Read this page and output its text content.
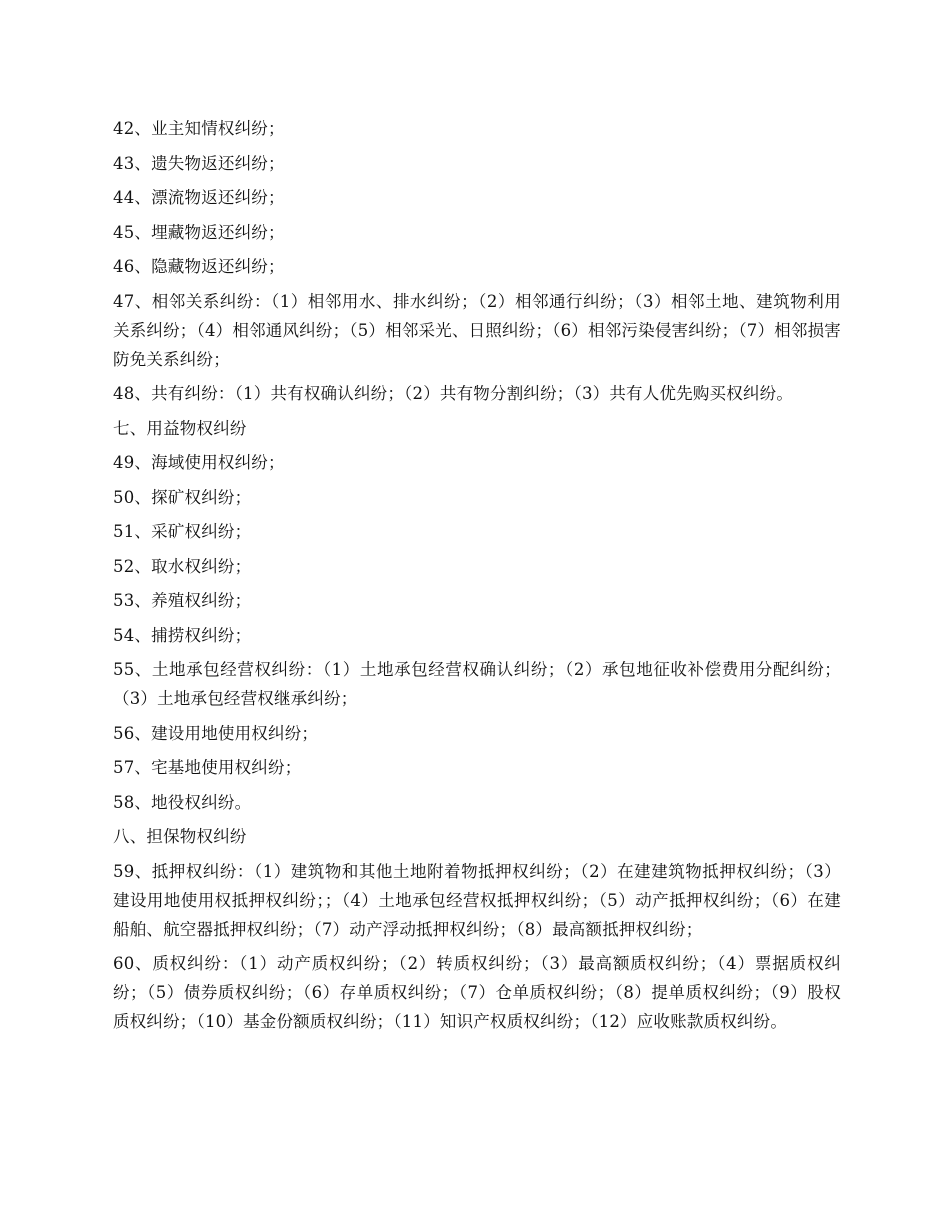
42、业主知情权纠纷；

43、遗失物返还纠纷；

44、漂流物返还纠纷；

45、埋藏物返还纠纷；

46、隐藏物返还纠纷；

47、相邻关系纠纷：（1）相邻用水、排水纠纷；（2）相邻通行纠纷；（3）相邻土地、建筑物利用关系纠纷；（4）相邻通风纠纷；（5）相邻采光、日照纠纷；（6）相邻污染侵害纠纷；（7）相邻损害防免关系纠纷；

48、共有纠纷：（1）共有权确认纠纷；（2）共有物分割纠纷；（3）共有人优先购买权纠纷。

七、用益物权纠纷

49、海域使用权纠纷；

50、探矿权纠纷；

51、采矿权纠纷；

52、取水权纠纷；

53、养殖权纠纷；

54、捕捞权纠纷；

55、土地承包经营权纠纷：（1）土地承包经营权确认纠纷；（2）承包地征收补偿费用分配纠纷；（3）土地承包经营权继承纠纷；

56、建设用地使用权纠纷；

57、宅基地使用权纠纷；

58、地役权纠纷。

八、担保物权纠纷

59、抵押权纠纷：（1）建筑物和其他土地附着物抵押权纠纷；（2）在建建筑物抵押权纠纷；（3）建设用地使用权抵押权纠纷；；（4）土地承包经营权抵押权纠纷；（5）动产抵押权纠纷；（6）在建船舶、航空器抵押权纠纷；（7）动产浮动抵押权纠纷；（8）最高额抵押权纠纷；

60、质权纠纷：（1）动产质权纠纷；（2）转质权纠纷；（3）最高额质权纠纷；（4）票据质权纠纷；（5）债券质权纠纷；（6）存单质权纠纷；（7）仓单质权纠纷；（8）提单质权纠纷；（9）股权质权纠纷；（10）基金份额质权纠纷；（11）知识产权质权纠纷；（12）应收账款质权纠纷。
